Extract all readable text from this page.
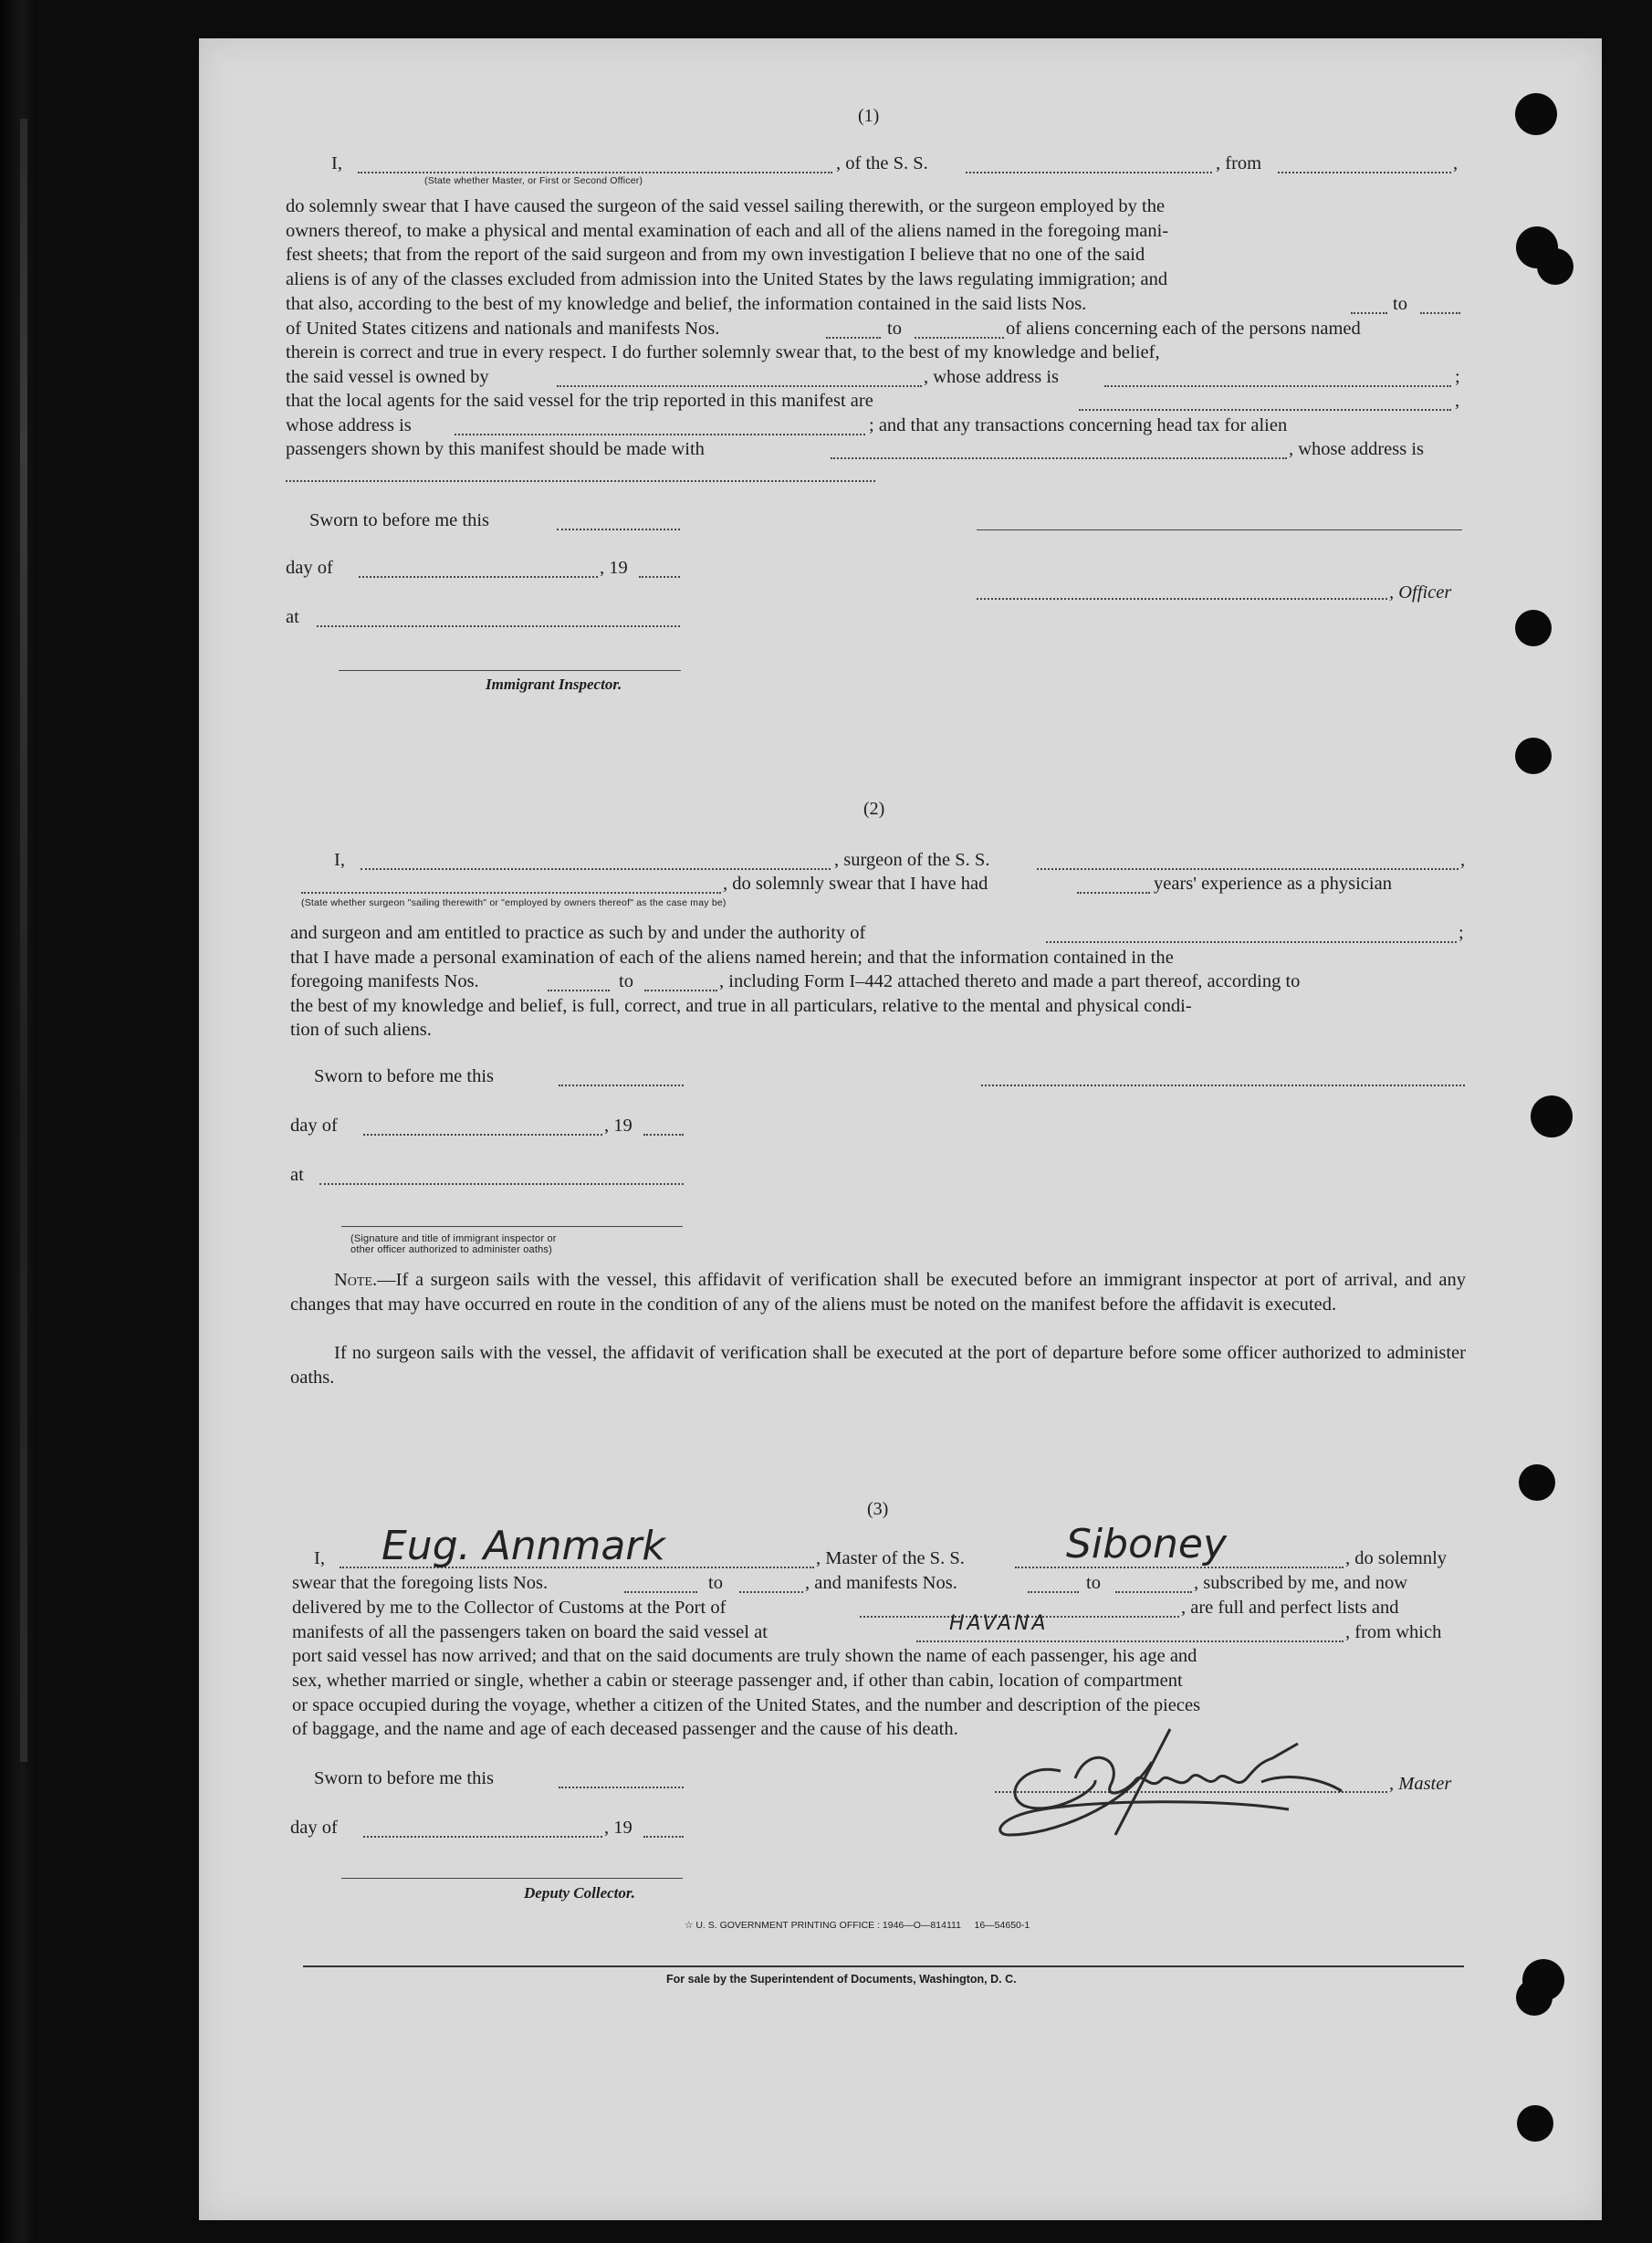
(1)
I,	, of the S. S.	, from	,
(State whether Master, or First or Second Officer)

do solemnly swear that I have caused the surgeon of the said vessel sailing therewith, or the surgeon employed by the

owners thereof, to make a physical and mental examination of each and all of the aliens named in the foregoing mani-

fest sheets; that from the report of the said surgeon and from my own investigation I believe that no one of the said

aliens is of any of the classes excluded from admission into the United States by the laws regulating immigration; and

that also, according to the best of my knowledge and belief, the information contained in the said lists Nos.	to
of United States citizens and nationals and manifests Nos.	to	of aliens concerning each of the persons named
therein is correct and true in every respect. I do further solemnly swear that, to the best of my knowledge and belief,
the said vessel is owned by	, whose address is	;
that the local agents for the said vessel for the trip reported in this manifest are	,
whose address is	; and that any transactions concerning head tax for alien
passengers shown by this manifest should be made with	, whose address is
Sworn to before me this
day of	, 19
, Officer
at
Immigrant Inspector.
(2)
I,	, surgeon of the S. S.	,
, do solemnly swear that I have had	years' experience as a physician
(State whether surgeon "sailing therewith" or "employed by owners thereof" as the case may be)
and surgeon and am entitled to practice as such by and under the authority of	;
that I have made a personal examination of each of the aliens named herein; and that the information contained in the
foregoing manifests Nos.	to	, including Form I–442 attached thereto and made a part thereof, according to
the best of my knowledge and belief, is full, correct, and true in all particulars, relative to the mental and physical condi-
tion of such aliens.
Sworn to before me this
day of	, 19
at
(Signature and title of immigrant inspector or
other officer authorized to administer oaths)
Note.—If a surgeon sails with the vessel, this affidavit of verification shall be executed before an immigrant inspector at port of arrival, and any changes that may have occurred en route in the condition of any of the aliens must be noted on the manifest before the affidavit is executed.
If no surgeon sails with the vessel, the affidavit of verification shall be executed at the port of departure before some officer authorized to administer oaths.
(3)
I, Eug. Annmark	, Master of the S. S.	Siboney	, do solemnly
swear that the foregoing lists Nos.	to	, and manifests Nos.	to	, subscribed by me, and now
delivered by me to the Collector of Customs at the Port of	, are full and perfect lists and
manifests of all the passengers taken on board the said vessel at	HAVANA	, from which
port said vessel has now arrived; and that on the said documents are truly shown the name of each passenger, his age and
sex, whether married or single, whether a cabin or steerage passenger and, if other than cabin, location of compartment
or space occupied during the voyage, whether a citizen of the United States, and the number and description of the pieces
of baggage, and the name and age of each deceased passenger and the cause of his death.
Sworn to before me this	, Master
day of	, 19
Deputy Collector.
☆ U. S. GOVERNMENT PRINTING OFFICE : 1946—O—814111     16—54650-1
For sale by the Superintendent of Documents, Washington, D. C.
